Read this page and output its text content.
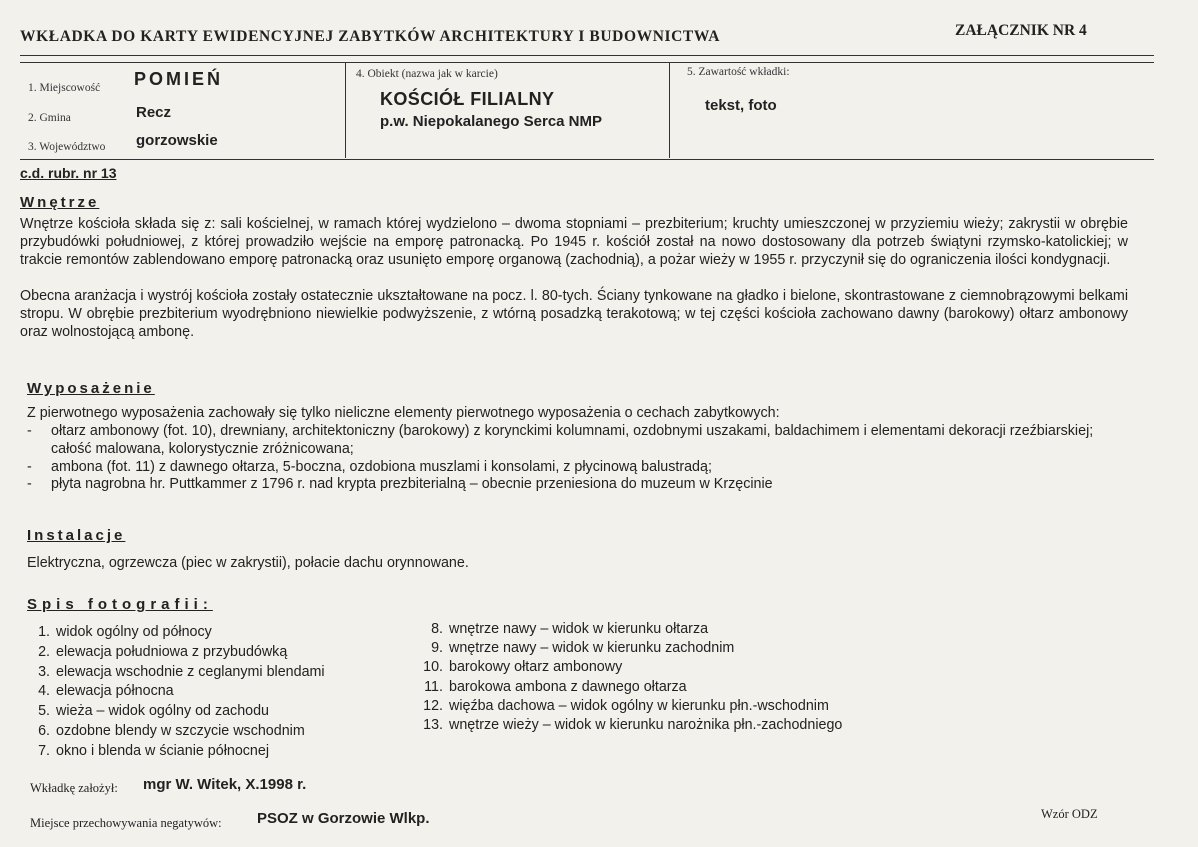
WKŁADKA DO KARTY EWIDENCYJNEJ ZABYTKÓW ARCHITEKTURY I BUDOWNICTWA	ZAŁĄCZNIK NR 4
1. Miejscowość POMIEŃ
2. Gmina	Recz
3. Województwo gorzowskie
4. Obiekt (nazwa jak w karcie)
KOŚCIÓŁ FILIALNY
p.w. Niepokalanego Serca NMP
5. Zawartość wkładki:
tekst, foto
c.d. rubr. nr 13
Wnętrze
Wnętrze kościoła składa się z: sali kościelnej, w ramach której wydzielono – dwoma stopniami – prezbiterium; kruchty umieszczonej w przyziemiu wieży; zakrystii w obrębie przybudówki południowej, z której prowadziło wejście na emporę patronacką. Po 1945 r. kościół został na nowo dostosowany dla potrzeb świątyni rzymsko-katolickiej; w trakcie remontów zablendowano emporę patronacką oraz usunięto emporę organową (zachodnią), a pożar wieży w 1955 r. przyczynił się do ograniczenia ilości kondygnacji.
Obecna aranżacja i wystrój kościoła zostały ostatecznie ukształtowane na pocz. l. 80-tych. Ściany tynkowane na gładko i bielone, skontrastowane z ciemnobrązowymi belkami stropu. W obrębie prezbiterium wyodrębniono niewielkie podwyższenie, z wtórną posadzką terakotową; w tej części kościoła zachowano dawny (barokowy) ołtarz ambonowy oraz wolnostojącą ambonę.
Wyposażenie
Z pierwotnego wyposażenia zachowały się tylko nieliczne elementy pierwotnego wyposażenia o cechach zabytkowych:
- ołtarz ambonowy (fot. 10), drewniany, architektoniczny (barokowy) z korynckimi kolumnami, ozdobnymi uszakami, baldachimem i elementami dekoracji rzeźbiarskiej; całość malowana, kolorystycznie zróżnicowana;
- ambona (fot. 11) z dawnego ołtarza, 5-boczna, ozdobiona muszlami i konsolami, z płycinową balustradą;
- płyta nagrobna hr. Puttkammer z 1796 r. nad krypta prezbiterialną – obecnie przeniesiona do muzeum w Krzęcinie
Instalacje
Elektryczna, ogrzewcza (piec w zakrystii), połacie dachu orynnowane.
Spis fotografii:
1. widok ogólny od północy
2. elewacja południowa z przybudówką
3. elewacja wschodnie z ceglanymi blendami
4. elewacja północna
5. wieża – widok ogólny od zachodu
6. ozdobne blendy w szczycie wschodnim
7. okno i blenda w ścianie północnej
8. wnętrze nawy – widok w kierunku ołtarza
9. wnętrze nawy – widok w kierunku zachodnim
10. barokowy ołtarz ambonowy
11. barokowa ambona z dawnego ołtarza
12. więźba dachowa – widok ogólny w kierunku płn.-wschodnim
13. wnętrze wieży – widok w kierunku narożnika płn.-zachodniego
Wkładkę założył: mgr W. Witek, X.1998 r.
Miejsce przechowywania negatywów: PSOZ w Gorzowie Wlkp.	Wzór ODZ
